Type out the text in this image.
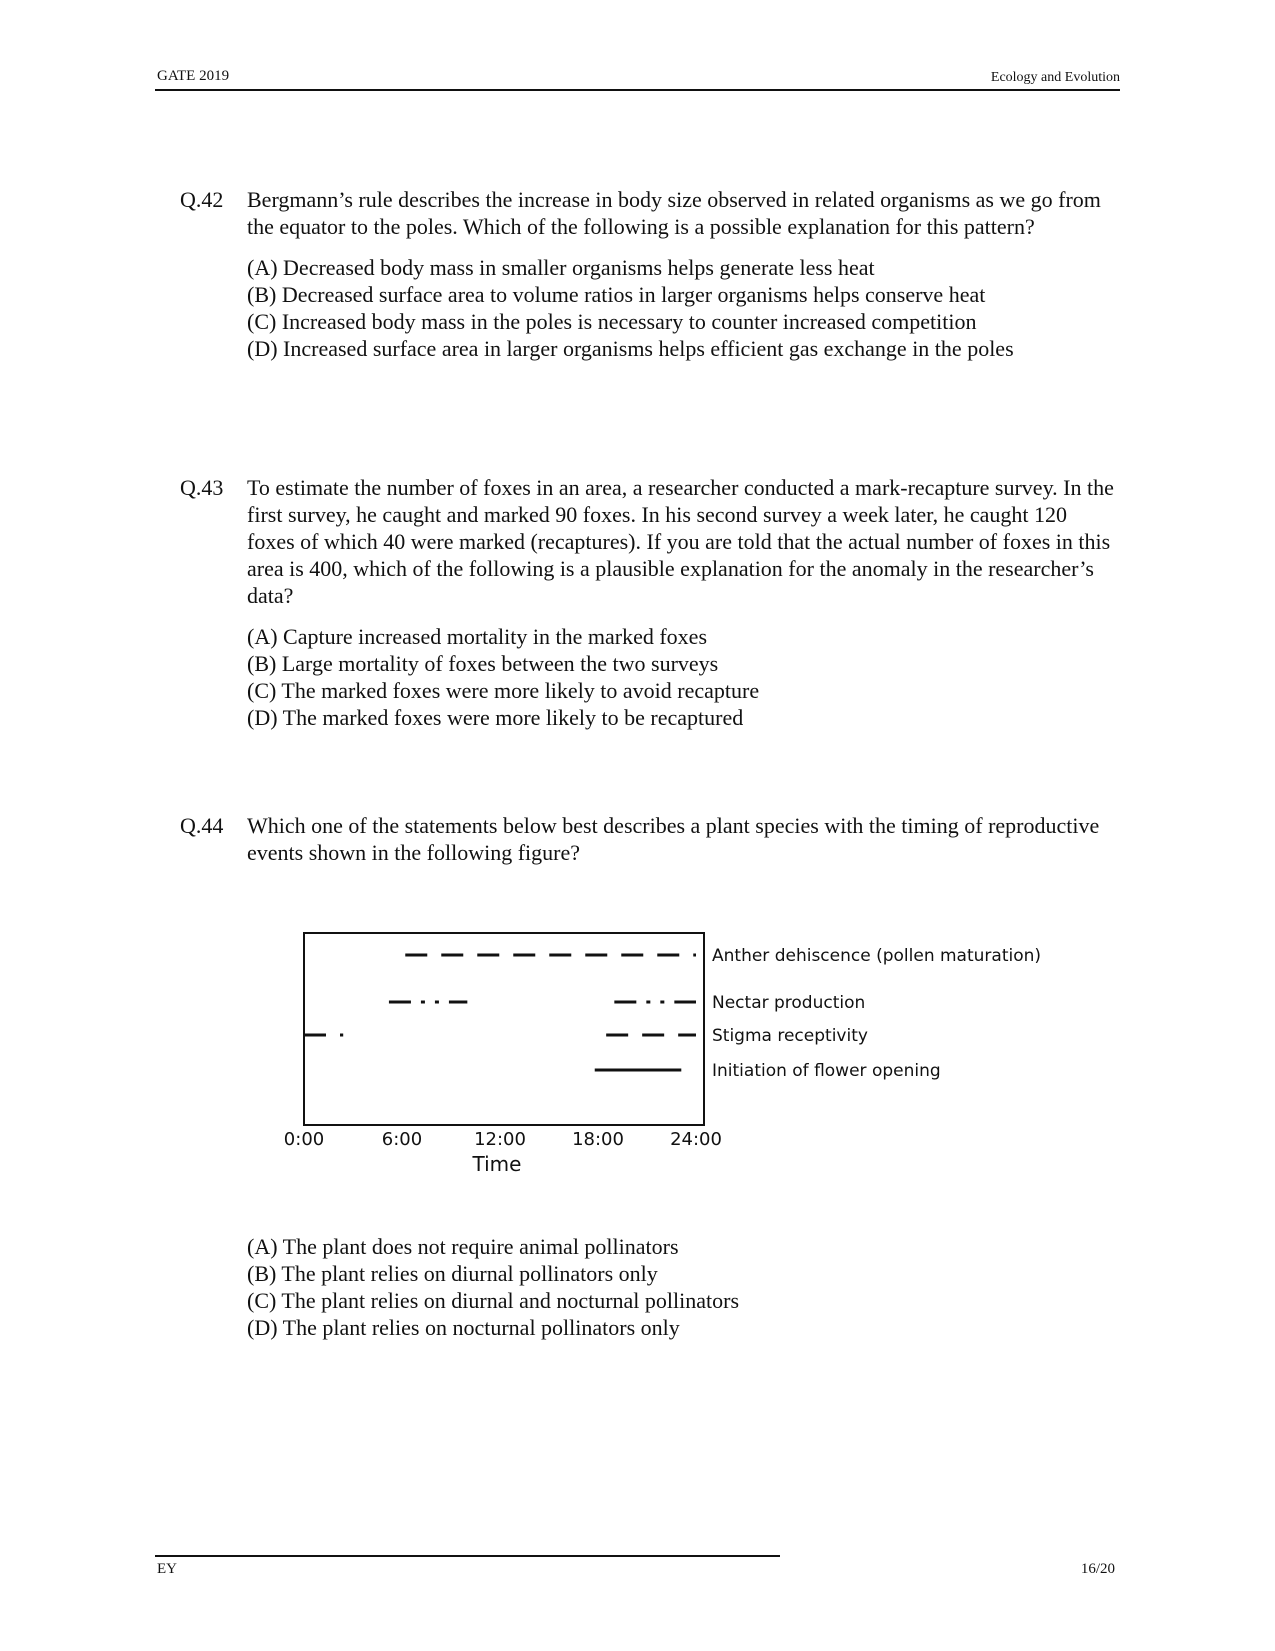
GATE 2019	Ecology and Evolution
Q.42 Bergmann’s rule describes the increase in body size observed in related organisms as we go from the equator to the poles. Which of the following is a possible explanation for this pattern?
(A) Decreased body mass in smaller organisms helps generate less heat
(B) Decreased surface area to volume ratios in larger organisms helps conserve heat
(C) Increased body mass in the poles is necessary to counter increased competition
(D) Increased surface area in larger organisms helps efficient gas exchange in the poles
Q.43 To estimate the number of foxes in an area, a researcher conducted a mark-recapture survey. In the first survey, he caught and marked 90 foxes. In his second survey a week later, he caught 120 foxes of which 40 were marked (recaptures). If you are told that the actual number of foxes in this area is 400, which of the following is a plausible explanation for the anomaly in the researcher’s data?
(A) Capture increased mortality in the marked foxes
(B) Large mortality of foxes between the two surveys
(C) The marked foxes were more likely to avoid recapture
(D) The marked foxes were more likely to be recaptured
Q.44 Which one of the statements below best describes a plant species with the timing of reproductive events shown in the following figure?
Anther dehiscence (pollen maturation)
Nectar production
Stigma receptivity
Initiation of flower opening
0:00	6:00	12:00	18:00	24:00
Time
(A) The plant does not require animal pollinators
(B) The plant relies on diurnal pollinators only
(C) The plant relies on diurnal and nocturnal pollinators
(D) The plant relies on nocturnal pollinators only
EY	16/20
